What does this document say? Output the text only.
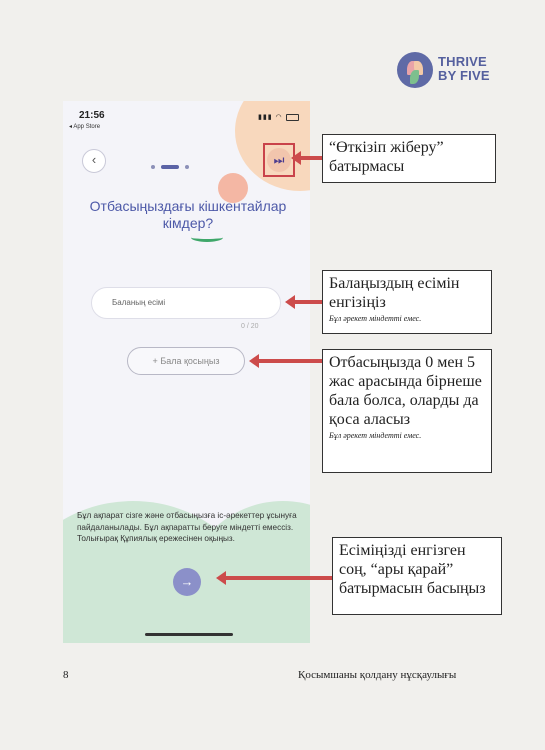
THRIVE
BY FIVE
21:56
◂ App Store
▮▮▮ ◠
‹	⏭
Отбасыңыздағы кішкентайлар кімдер?
Баланың есімі
0 / 20
+ Бала қосыңыз
Бұл ақпарат сізге және отбасыңызға іс-әрекеттер ұсынуға пайдаланылады. Бұл ақпаратты беруге міндетті емессіз. Толығырақ Құпиялық ережесінен оқыңыз.
→
“Өткізіп жіберу” батырмасы
Балаңыздың есімін енгізіңіз
Бұл әрекет міндетті емес.
Отбасыңызда 0 мен 5 жас арасында бірнеше бала болса, оларды да қоса аласыз
Бұл әрекет міндетті емес.
Есіміңізді енгізген соң, “ары қарай” батырмасын басыңыз
8	Қосымшаны қолдану нұсқаулығы
